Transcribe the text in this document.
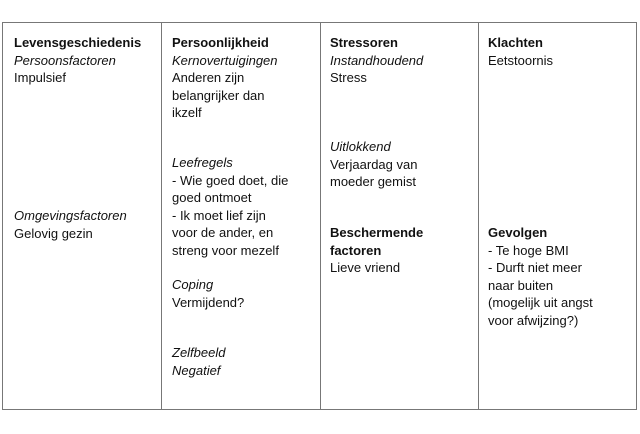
Levensgeschiedenis
Persoonsfactoren
Impulsief
Omgevingsfactoren
Gelovig gezin
Persoonlijkheid
Kernovertuigingen
Anderen zijn
belangrijker dan
ikzelf
Leefregels
- Wie goed doet, die
goed ontmoet
- Ik moet lief zijn
voor de ander, en
streng voor mezelf
Coping
Vermijdend?
Zelfbeeld
Negatief
Stressoren
Instandhoudend
Stress
Uitlokkend
Verjaardag van
moeder gemist
Beschermende
factoren
Lieve vriend
Klachten
Eetstoornis
Gevolgen
- Te hoge BMI
- Durft niet meer
naar buiten
(mogelijk uit angst
voor afwijzing?)
